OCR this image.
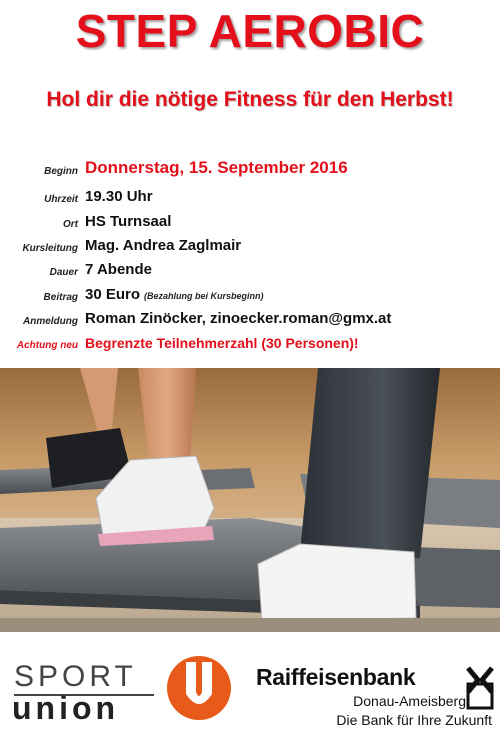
STEP AEROBIC
Hol dir die nötige Fitness für den Herbst!
Beginn Donnerstag, 15. September 2016
Uhrzeit 19.30 Uhr
Ort HS Turnsaal
Kursleitung Mag. Andrea Zaglmair
Dauer 7 Abende
Beitrag 30 Euro (Bezahlung bei Kursbeginn)
Anmeldung Roman Zinöcker, zinoecker.roman@gmx.at
Achtung neu Begrenzte Teilnehmerzahl (30 Personen)!
SPORT
union
Raiffeisenbank
Donau-Ameisberg
Die Bank für Ihre Zukunft
